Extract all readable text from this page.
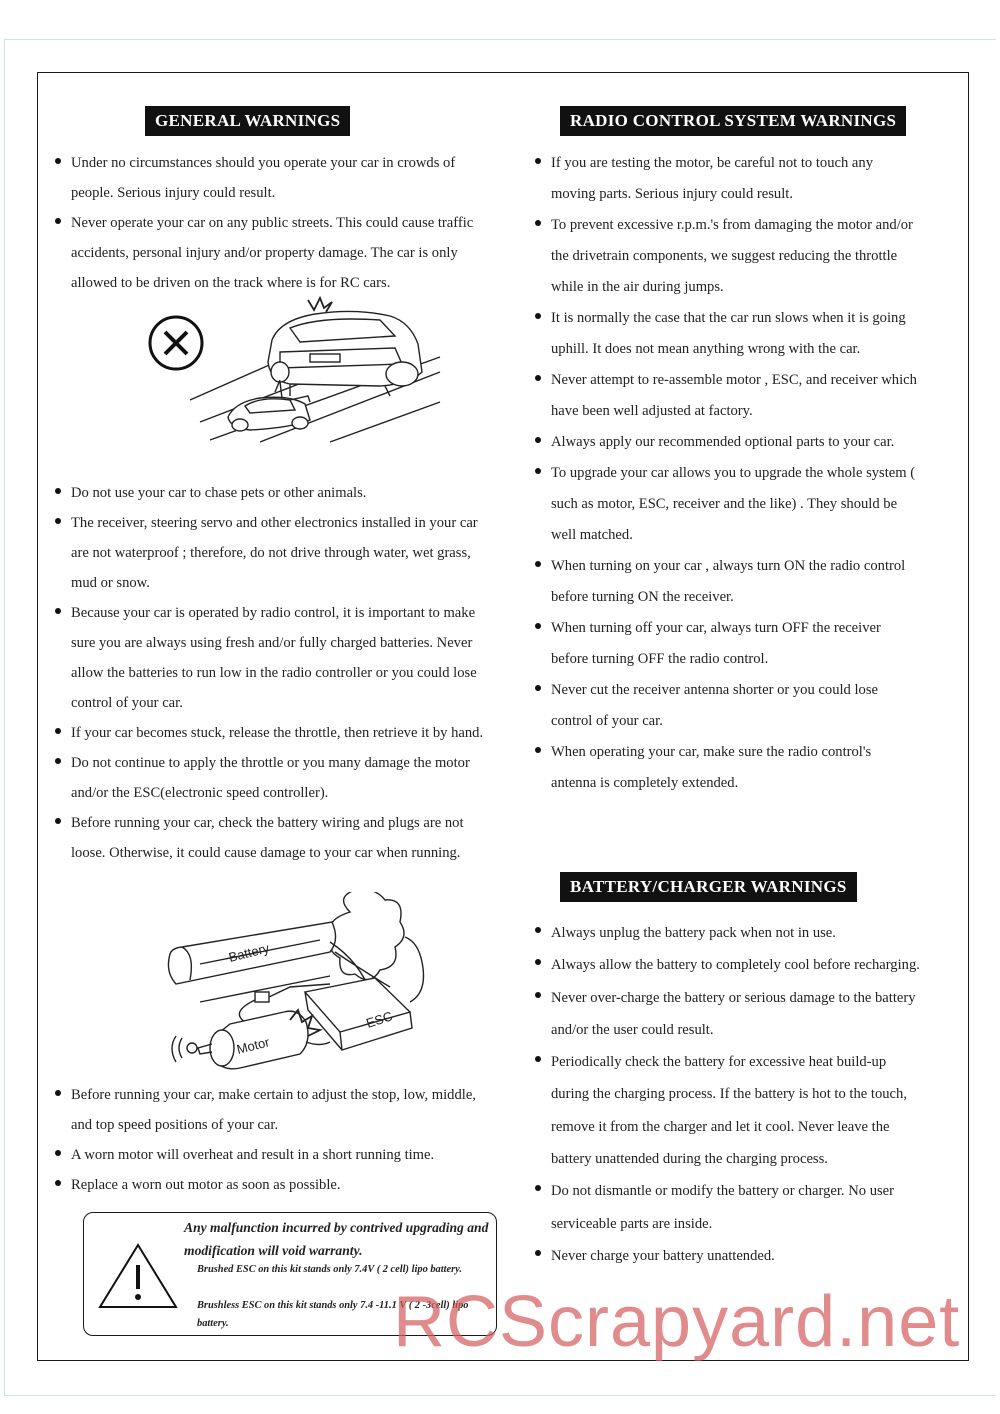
GENERAL WARNINGS
Under no circumstances should you operate your car in crowds of people. Serious injury could result.
Never operate your car on any public streets. This could cause traffic accidents, personal injury and/or property damage. The car is only allowed to be driven on the track where is for RC cars.
Do not use your car to chase pets or other animals.
The receiver, steering servo and other electronics installed in your car are not waterproof ; therefore, do not drive through water, wet grass, mud or snow.
Because your car is operated by radio control, it is important to make sure you are always using fresh and/or fully charged batteries. Never allow the batteries to run low in the radio controller or you could lose control of your car.
If your car becomes stuck, release the throttle, then retrieve it by hand.
Do not continue to apply the throttle or you many damage the motor and/or the ESC(electronic speed controller).
Before running your car, check the battery wiring and plugs are not loose. Otherwise, it could cause damage to your car when running.
Battery
ESC
Motor
Before running your car, make certain to adjust the stop, low, middle, and top speed positions of your car.
A worn motor will overheat and result in a short running time.
Replace a worn out motor as soon as possible.
Any malfunction incurred by contrived upgrading and modification will void warranty.
Brushed ESC on this kit stands only 7.4V ( 2 cell) lipo battery.
Brushless ESC on this kit stands only 7.4 -11.1 V ( 2 -3cell) lipo battery.
RADIO CONTROL SYSTEM WARNINGS
If you are testing the motor, be careful not to touch any moving parts. Serious injury could result.
To prevent excessive r.p.m.'s from damaging the motor and/or the drivetrain components, we suggest reducing the throttle while in the air during jumps.
It is normally the case that the car run slows when it is going uphill. It does not mean anything wrong with the car.
Never attempt to re-assemble motor , ESC, and receiver which have been well adjusted at factory.
Always apply our recommended optional parts to your car.
To upgrade your car allows you to upgrade the whole system ( such as motor, ESC, receiver and the like) . They should be well matched.
When turning on your car , always turn ON the radio control before turning ON the receiver.
When turning off your car, always turn OFF the receiver before turning OFF the radio control.
Never cut the receiver antenna shorter or you could lose control of your car.
When operating your car, make sure the radio control's antenna is completely extended.
BATTERY/CHARGER WARNINGS
Always unplug the battery pack when not in use.
Always allow the battery to completely cool before recharging.
Never over-charge the battery or serious damage to the battery and/or the user could result.
Periodically check the battery for excessive heat build-up during the charging process. If the battery is hot to the touch, remove it from the charger and let it cool. Never leave the battery unattended during the charging process.
Do not dismantle or modify the battery or charger. No user serviceable parts are inside.
Never charge your battery unattended.
RCScrapyard.net
